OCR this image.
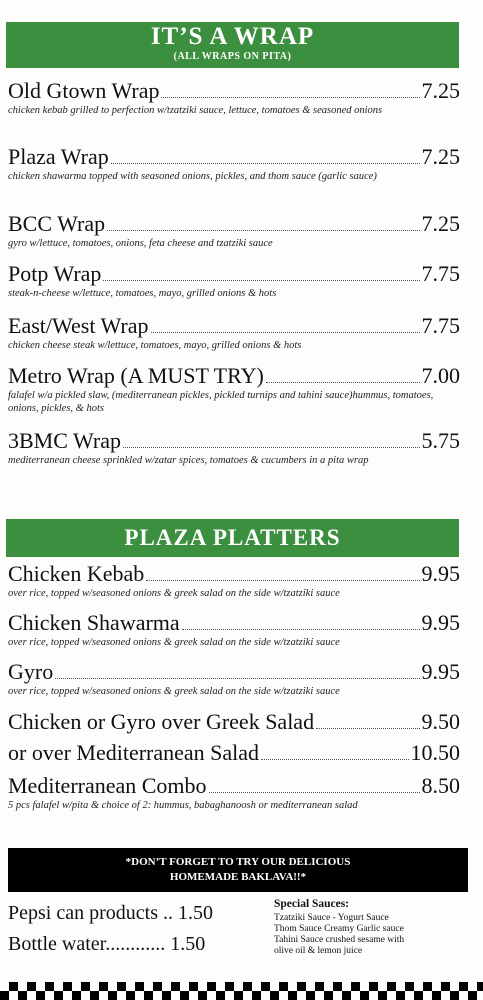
IT’S A WRAP
(ALL WRAPS ON PITA)
Old Gtown Wrap	7.25
chicken kebab grilled to perfection w/tzatziki sauce, lettuce, tomatoes & seasoned onions
Plaza Wrap	7.25
chicken shawarma topped with seasoned onions, pickles, and thom sauce (garlic sauce)
BCC Wrap	7.25
gyro w/lettuce, tomatoes, onions, feta cheese and tzatziki sauce
Potp Wrap	7.75
steak-n-cheese w/lettuce, tomatoes, mayo, grilled onions & hots
East/West Wrap	7.75
chicken cheese steak w/lettuce, tomatoes, mayo, grilled onions & hots
Metro Wrap (A MUST TRY)	7.00
falafel w/a pickled slaw, (mediterranean pickles, pickled turnips and tahini sauce)hummus, tomatoes, onions, pickles, & hots
3BMC Wrap	5.75
mediterranean cheese sprinkled w/zatar spices, tomatoes & cucumbers in a pita wrap
PLAZA PLATTERS
Chicken Kebab	9.95
over rice, topped w/seasoned onions & greek salad on the side w/tzatziki sauce
Chicken Shawarma	9.95
over rice, topped w/seasoned onions & greek salad on the side w/tzatziki sauce
Gyro	9.95
over rice, topped w/seasoned onions & greek salad on the side w/tzatziki sauce
Chicken or Gyro over Greek Salad	9.50
or over Mediterranean Salad	10.50
Mediterranean Combo	8.50
5 pcs falafel w/pita & choice of 2: hummus, babaghanoosh or mediterranean salad
*DON’T FORGET TO TRY OUR DELICIOUS
HOMEMADE BAKLAVA!!*
Pepsi can products .. 1.50
Bottle water............ 1.50
Special Sauces:
Tzatziki Sauce - Yogurt Sauce
Thom Sauce Creamy Garlic sauce
Tahini Sauce crushed sesame with
olive oil & lemon juice
